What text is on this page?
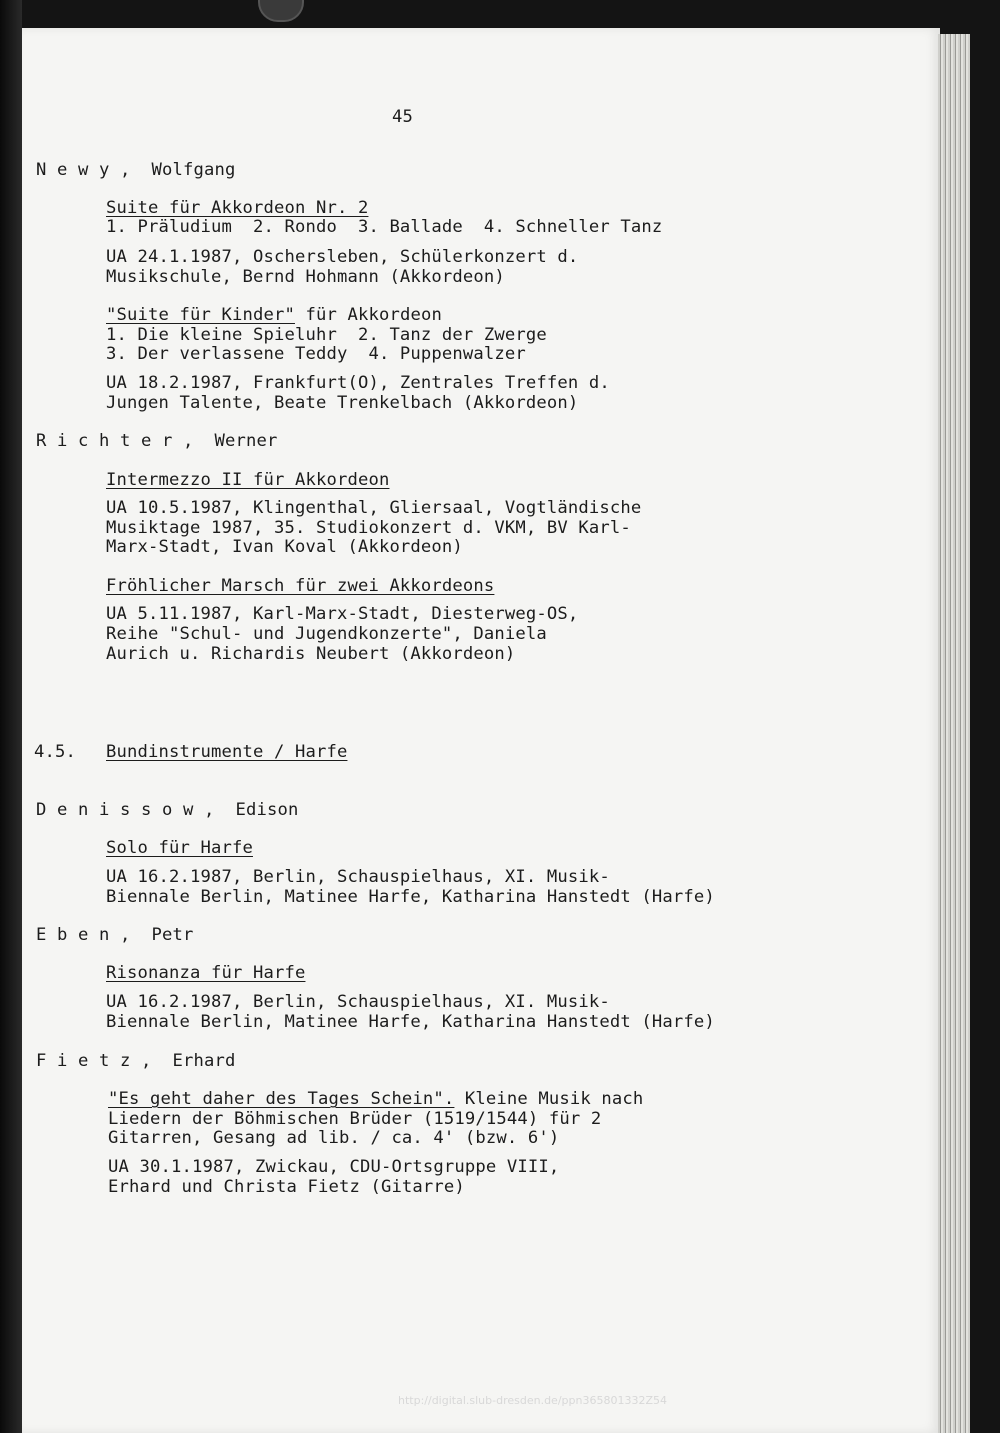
45
N e w y ,  Wolfgang
Suite für Akkordeon Nr. 2
1. Präludium  2. Rondo  3. Ballade  4. Schneller Tanz
UA 24.1.1987, Oschersleben, Schülerkonzert d.
Musikschule, Bernd Hohmann (Akkordeon)
"Suite für Kinder" für Akkordeon
1. Die kleine Spieluhr  2. Tanz der Zwerge
3. Der verlassene Teddy  4. Puppenwalzer
UA 18.2.1987, Frankfurt(O), Zentrales Treffen d.
Jungen Talente, Beate Trenkelbach (Akkordeon)
R i c h t e r ,  Werner
Intermezzo II für Akkordeon
UA 10.5.1987, Klingenthal, Gliersaal, Vogtländische
Musiktage 1987, 35. Studiokonzert d. VKM, BV Karl-
Marx-Stadt, Ivan Koval (Akkordeon)
Fröhlicher Marsch für zwei Akkordeons
UA 5.11.1987, Karl-Marx-Stadt, Diesterweg-OS,
Reihe "Schul- und Jugendkonzerte", Daniela
Aurich u. Richardis Neubert (Akkordeon)
4.5. Bundinstrumente / Harfe
D e n i s s o w ,  Edison
Solo für Harfe
UA 16.2.1987, Berlin, Schauspielhaus, XI. Musik-
Biennale Berlin, Matinee Harfe, Katharina Hanstedt (Harfe)
E b e n ,  Petr
Risonanza für Harfe
UA 16.2.1987, Berlin, Schauspielhaus, XI. Musik-
Biennale Berlin, Matinee Harfe, Katharina Hanstedt (Harfe)
F i e t z ,  Erhard
"Es geht daher des Tages Schein". Kleine Musik nach
Liedern der Böhmischen Brüder (1519/1544) für 2
Gitarren, Gesang ad lib. / ca. 4' (bzw. 6')
UA 30.1.1987, Zwickau, CDU-Ortsgruppe VIII,
Erhard und Christa Fietz (Gitarre)
http://digital.slub-dresden.de/ppn365801332Z54
